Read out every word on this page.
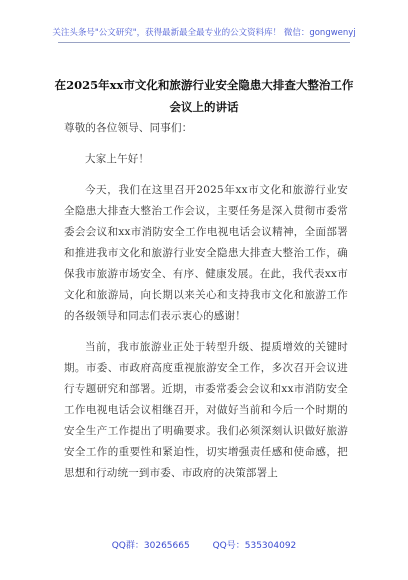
关注头条号"公文研究"，获得最新最全最专业的公文资料库！ 微信：gongwenyj
在2025年xx市文化和旅游行业安全隐患大排查大整治工作会议上的讲话

尊敬的各位领导、同事们：

大家上午好！

今天，我们在这里召开2025年xx市文化和旅游行业安全隐患大排查大整治工作会议，主要任务是深入贯彻市委常委会会议和xx市消防安全工作电视电话会议精神，全面部署和推进我市文化和旅游行业安全隐患大排查大整治工作，确保我市旅游市场安全、有序、健康发展。在此，我代表xx市文化和旅游局，向长期以来关心和支持我市文化和旅游工作的各级领导和同志们表示衷心的感谢！

当前，我市旅游业正处于转型升级、提质增效的关键时期。市委、市政府高度重视旅游安全工作，多次召开会议进行专题研究和部署。近期，市委常委会会议和xx市消防安全工作电视电话会议相继召开，对做好当前和今后一个时期的安全生产工作提出了明确要求。我们必须深刻认识做好旅游安全工作的重要性和紧迫性，切实增强责任感和使命感，把思想和行动统一到市委、市政府的决策部署上

QQ群：30265665	QQ号：535304092
